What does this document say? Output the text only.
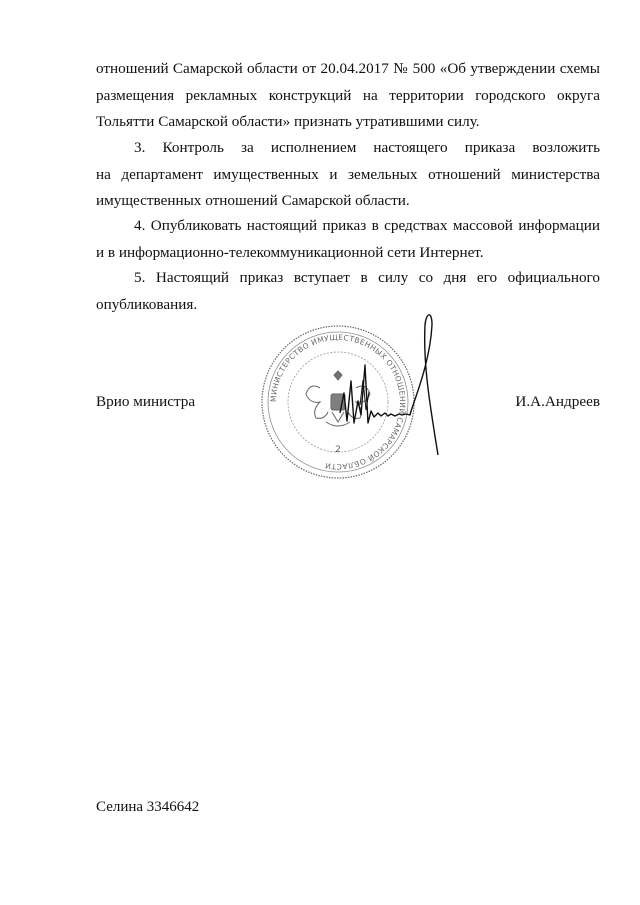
отношений Самарской области от 20.04.2017 № 500 «Об утверждении схемы
размещения рекламных конструкций на территории городского округа
Тольятти Самарской области» признать утратившими силу.

3. Контроль за исполнением настоящего приказа возложить
на департамент имущественных и земельных отношений министерства
имущественных отношений Самарской области.

4. Опубликовать настоящий приказ в средствах массовой информации
и в информационно-телекоммуникационной сети Интернет.

5. Настоящий приказ вступает в силу со дня его официального
опубликования.

МИНИСТЕРСТВО ИМУЩЕСТВЕННЫХ ОТНОШЕНИЙ САМАРСКОЙ ОБЛАСТИ
2
Врио министра	И.А.Андреев
Селина 3346642
